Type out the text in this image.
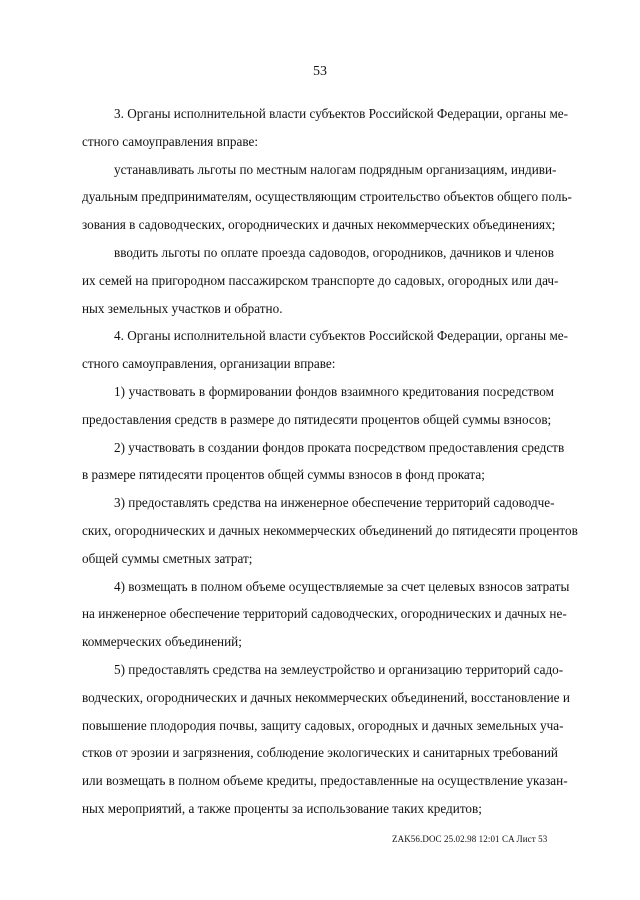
53
3. Органы исполнительной власти субъектов Российской Федерации, органы ме-
стного самоуправления вправе:
устанавливать льготы по местным налогам подрядным организациям, индиви-
дуальным предпринимателям, осуществляющим строительство объектов общего поль-
зования в садоводческих, огороднических и дачных некоммерческих объединениях;
вводить льготы по оплате проезда садоводов, огородников, дачников и членов
их семей на пригородном пассажирском транспорте до садовых, огородных или дач-
ных земельных участков и обратно.
4. Органы исполнительной власти субъектов Российской Федерации, органы ме-
стного самоуправления, организации вправе:
1) участвовать в формировании фондов взаимного кредитования посредством
предоставления средств в размере до пятидесяти процентов общей суммы взносов;
2) участвовать в создании фондов проката посредством предоставления средств
в размере пятидесяти процентов общей суммы взносов в фонд проката;
3) предоставлять средства на инженерное обеспечение территорий садоводче-
ских, огороднических и дачных некоммерческих объединений до пятидесяти процентов
общей суммы сметных затрат;
4) возмещать в полном объеме осуществляемые за счет целевых взносов затраты
на инженерное обеспечение территорий садоводческих, огороднических и дачных не-
коммерческих объединений;
5) предоставлять средства на землеустройство и организацию территорий садо-
водческих, огороднических и дачных некоммерческих объединений, восстановление и
повышение плодородия почвы, защиту садовых, огородных и дачных земельных уча-
стков от эрозии и загрязнения, соблюдение экологических и санитарных требований
или возмещать в полном объеме кредиты, предоставленные на осуществление указан-
ных мероприятий, а также проценты за использование таких кредитов;
ZAK56.DOC 25.02.98 12:01 CA Лист 53
